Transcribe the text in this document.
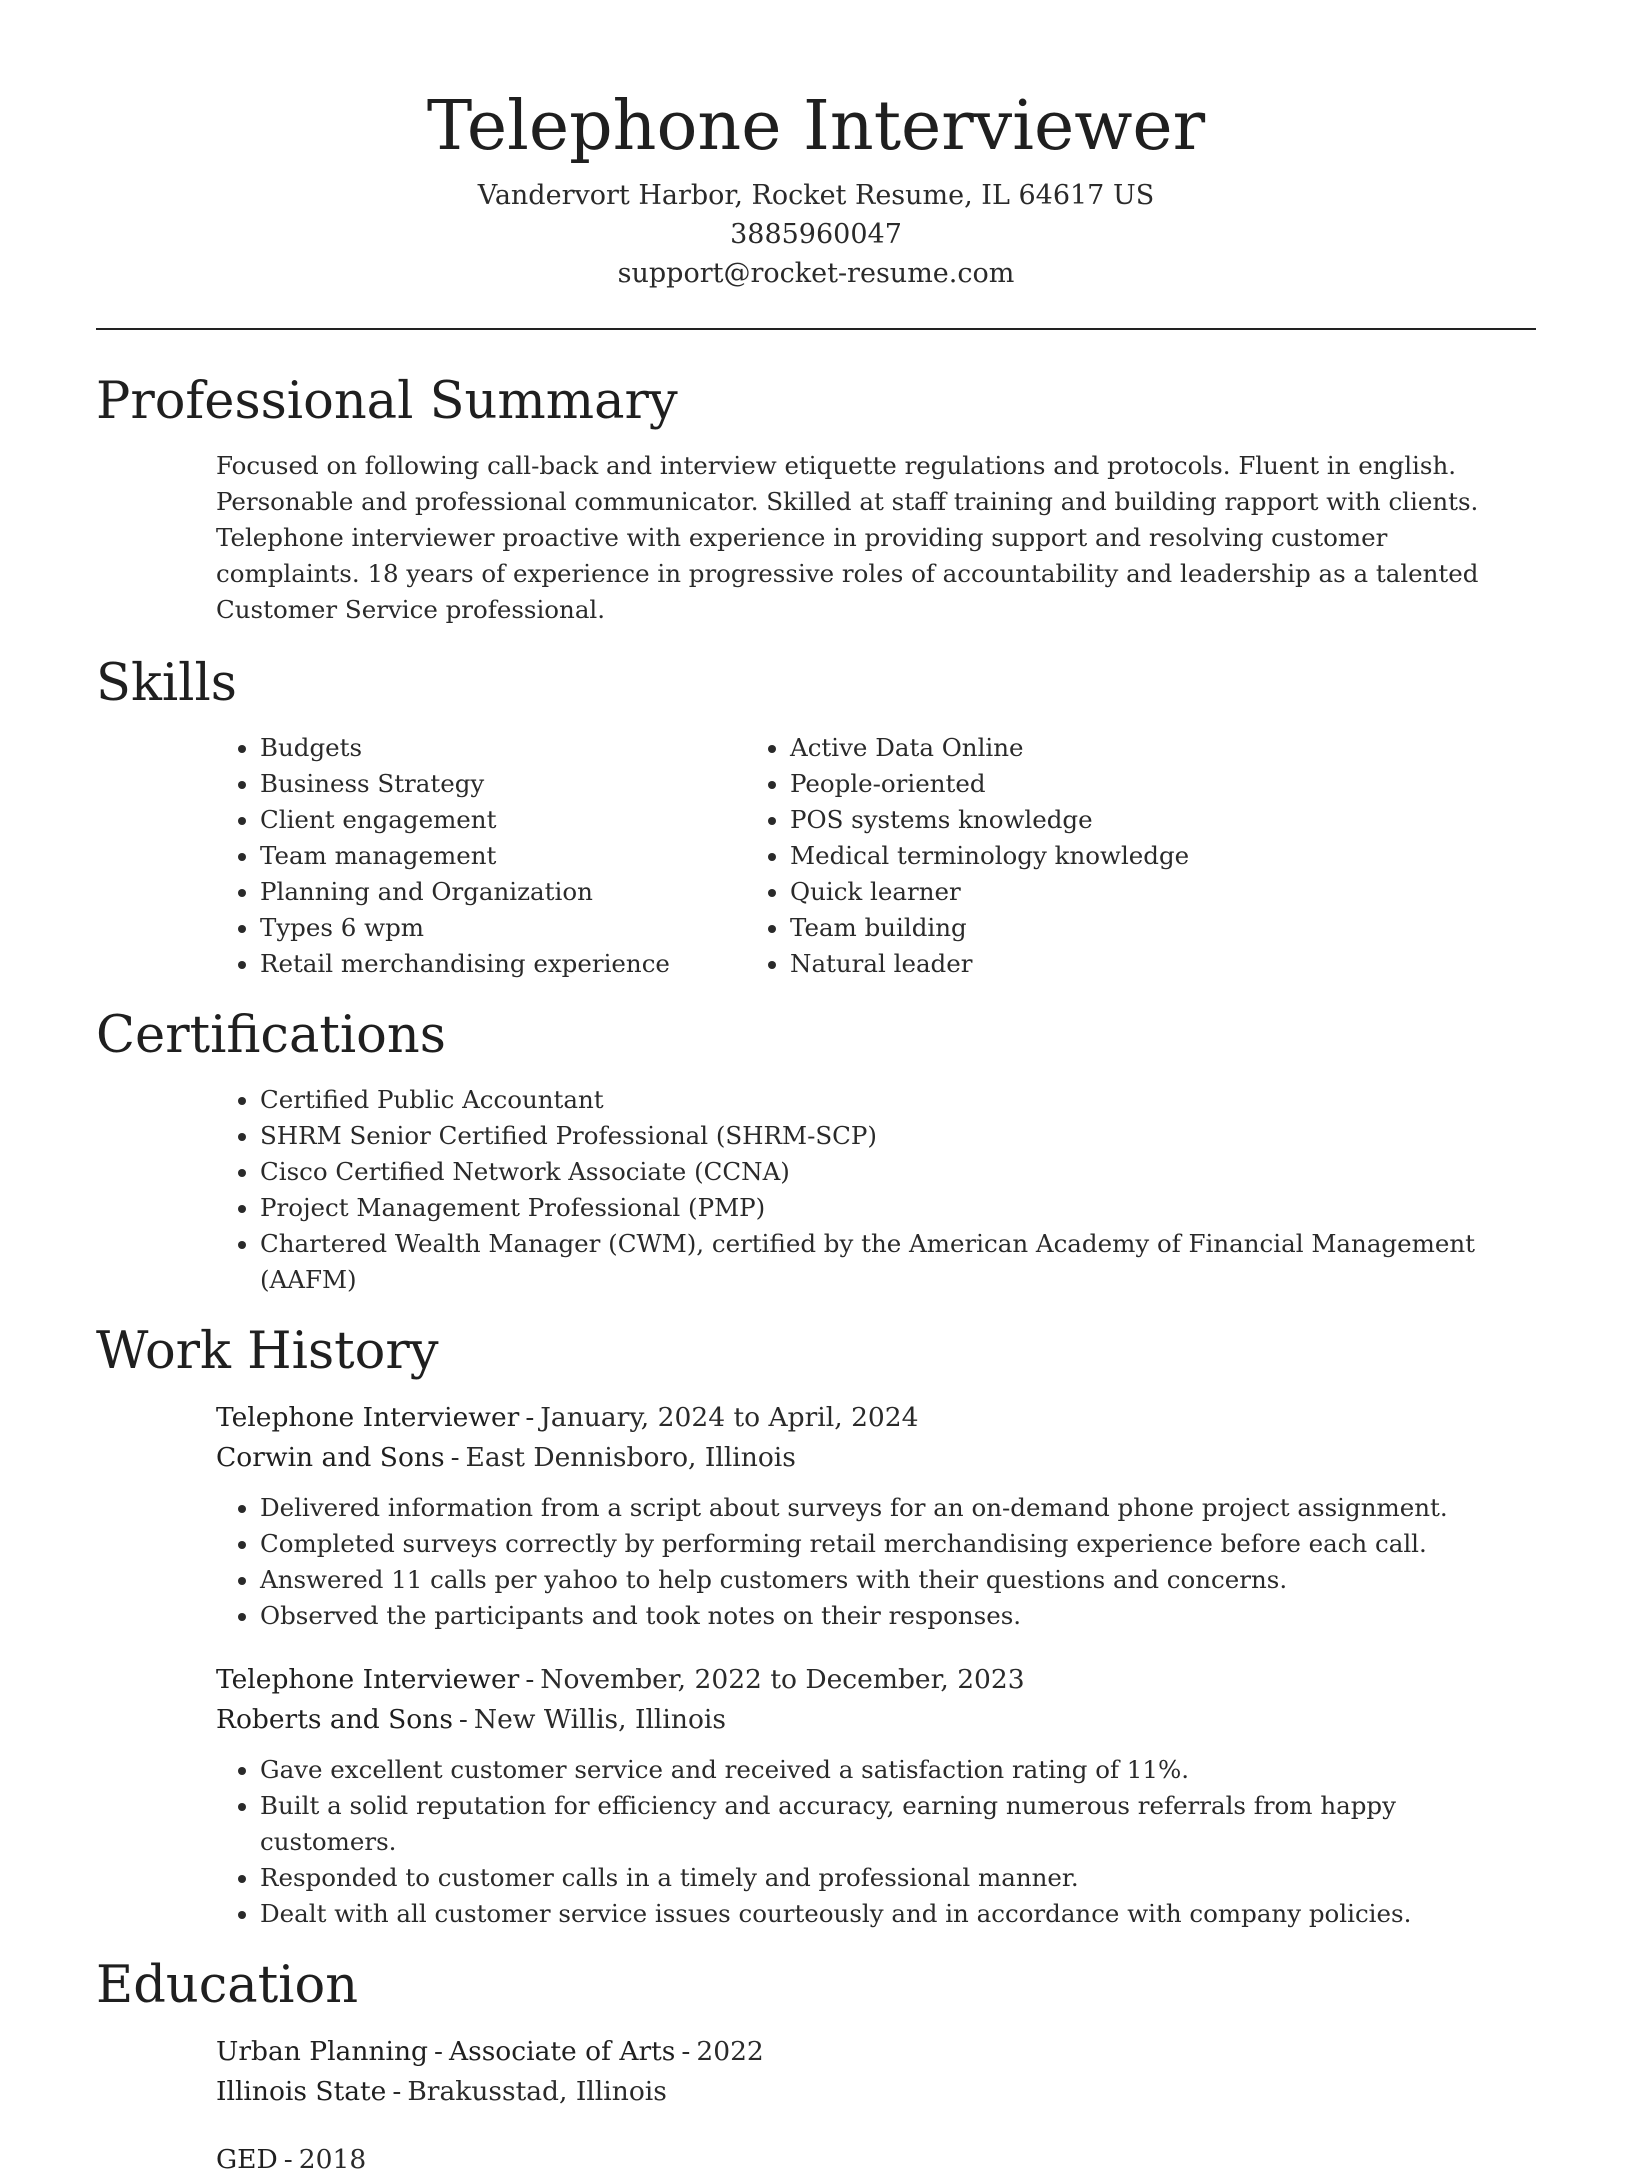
Telephone Interviewer
Vandervort Harbor, Rocket Resume, IL 64617 US
3885960047
support@rocket-resume.com
Professional Summary

Focused on following call-back and interview etiquette regulations and protocols. Fluent in english. Personable and professional communicator. Skilled at staff training and building rapport with clients. Telephone interviewer proactive with experience in providing support and resolving customer complaints. 18 years of experience in progressive roles of accountability and leadership as a talented Customer Service professional.

Skills
• Budgets
• Business Strategy
• Client engagement
• Team management
• Planning and Organization
• Types 6 wpm
• Retail merchandising experience
• Active Data Online
• People-oriented
• POS systems knowledge
• Medical terminology knowledge
• Quick learner
• Team building
• Natural leader
Certifications
• Certified Public Accountant
• SHRM Senior Certified Professional (SHRM-SCP)
• Cisco Certified Network Associate (CCNA)
• Project Management Professional (PMP)
• Chartered Wealth Manager (CWM), certified by the American Academy of Financial Management (AAFM)
Work History
Telephone Interviewer - January, 2024 to April, 2024
Corwin and Sons - East Dennisboro, Illinois
• Delivered information from a script about surveys for an on-demand phone project assignment.
• Completed surveys correctly by performing retail merchandising experience before each call.
• Answered 11 calls per yahoo to help customers with their questions and concerns.
• Observed the participants and took notes on their responses.
Telephone Interviewer - November, 2022 to December, 2023
Roberts and Sons - New Willis, Illinois
• Gave excellent customer service and received a satisfaction rating of 11%.
• Built a solid reputation for efficiency and accuracy, earning numerous referrals from happy customers.
• Responded to customer calls in a timely and professional manner.
• Dealt with all customer service issues courteously and in accordance with company policies.
Education
Urban Planning - Associate of Arts - 2022
Illinois State - Brakusstad, Illinois
GED - 2018
